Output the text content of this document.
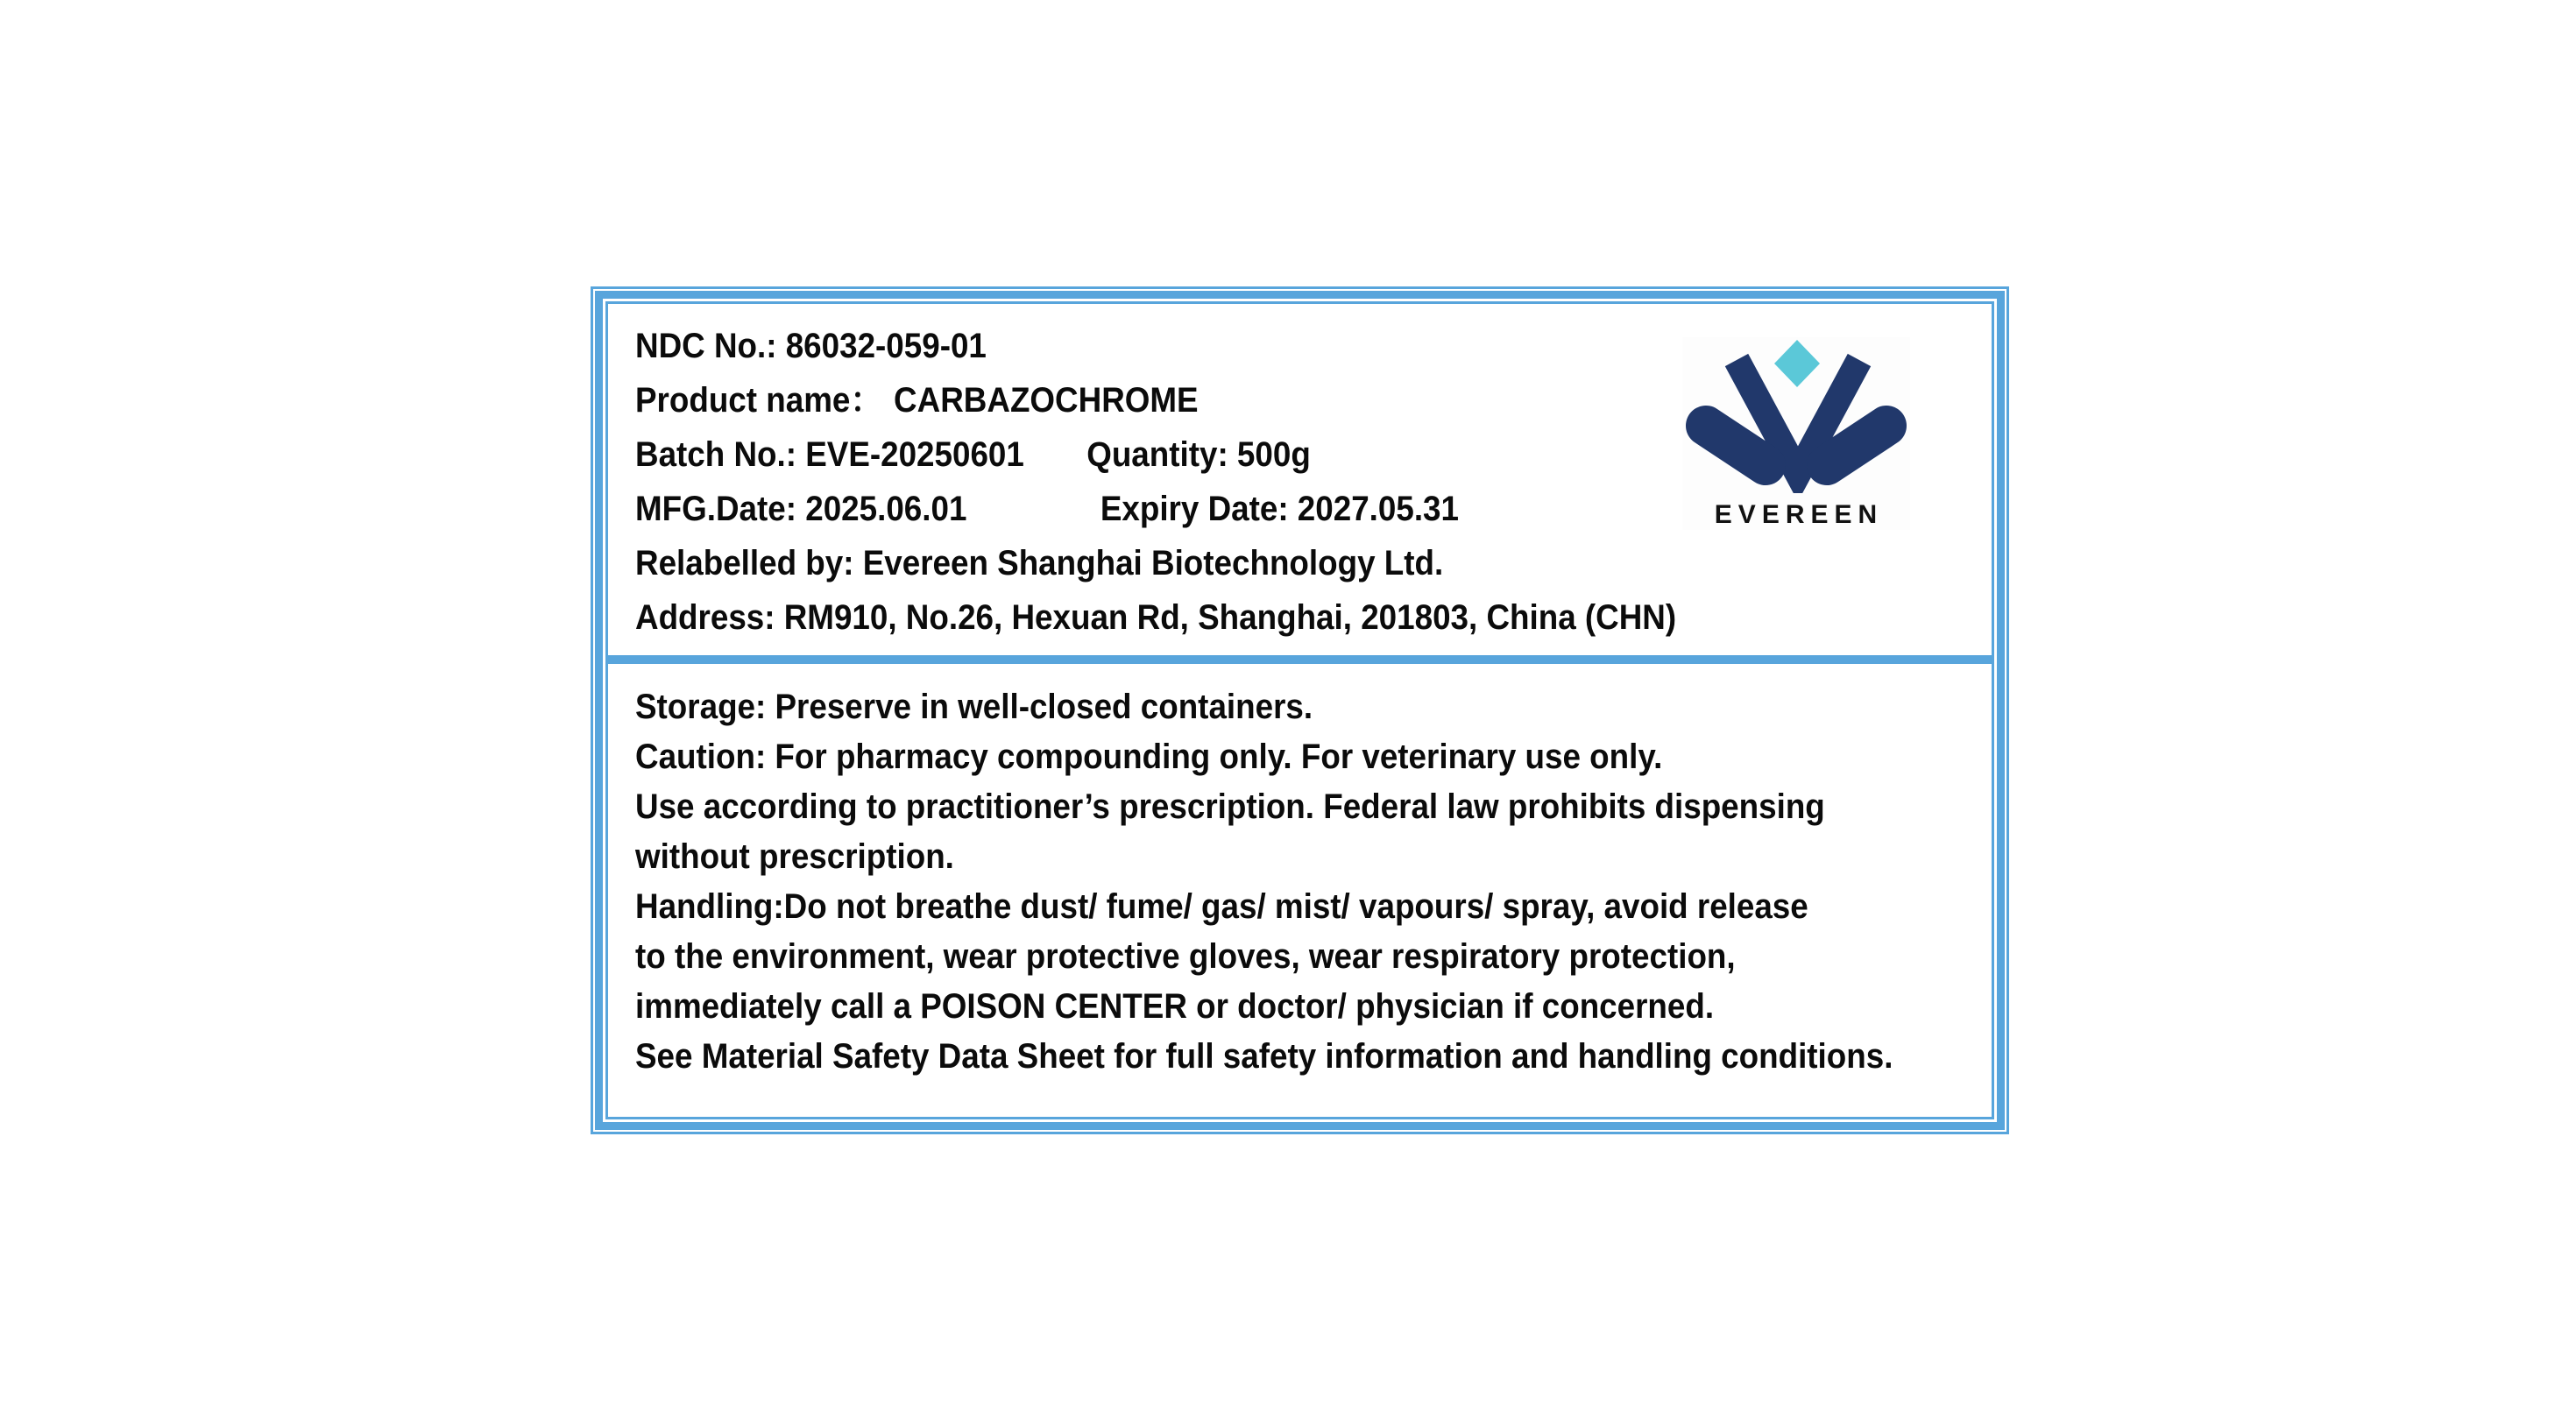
NDC No.: 86032-059-01
Product name： CARBAZOCHROME
Batch No.: EVE-20250601	Quantity: 500g
MFG.Date: 2025.06.01	Expiry Date: 2027.05.31
Relabelled by: Evereen Shanghai Biotechnology Ltd.
Address: RM910, No.26, Hexuan Rd, Shanghai, 201803, China (CHN)
EVEREEN
Storage: Preserve in well-closed containers.
Caution: For pharmacy compounding only. For veterinary use only.
Use according to practitioner’s prescription. Federal law prohibits dispensing
without prescription.
Handling:Do not breathe dust/ fume/ gas/ mist/ vapours/ spray, avoid release
to the environment, wear protective gloves, wear respiratory protection,
immediately call a POISON CENTER or doctor/ physician if concerned.
See Material Safety Data Sheet for full safety information and handling conditions.
